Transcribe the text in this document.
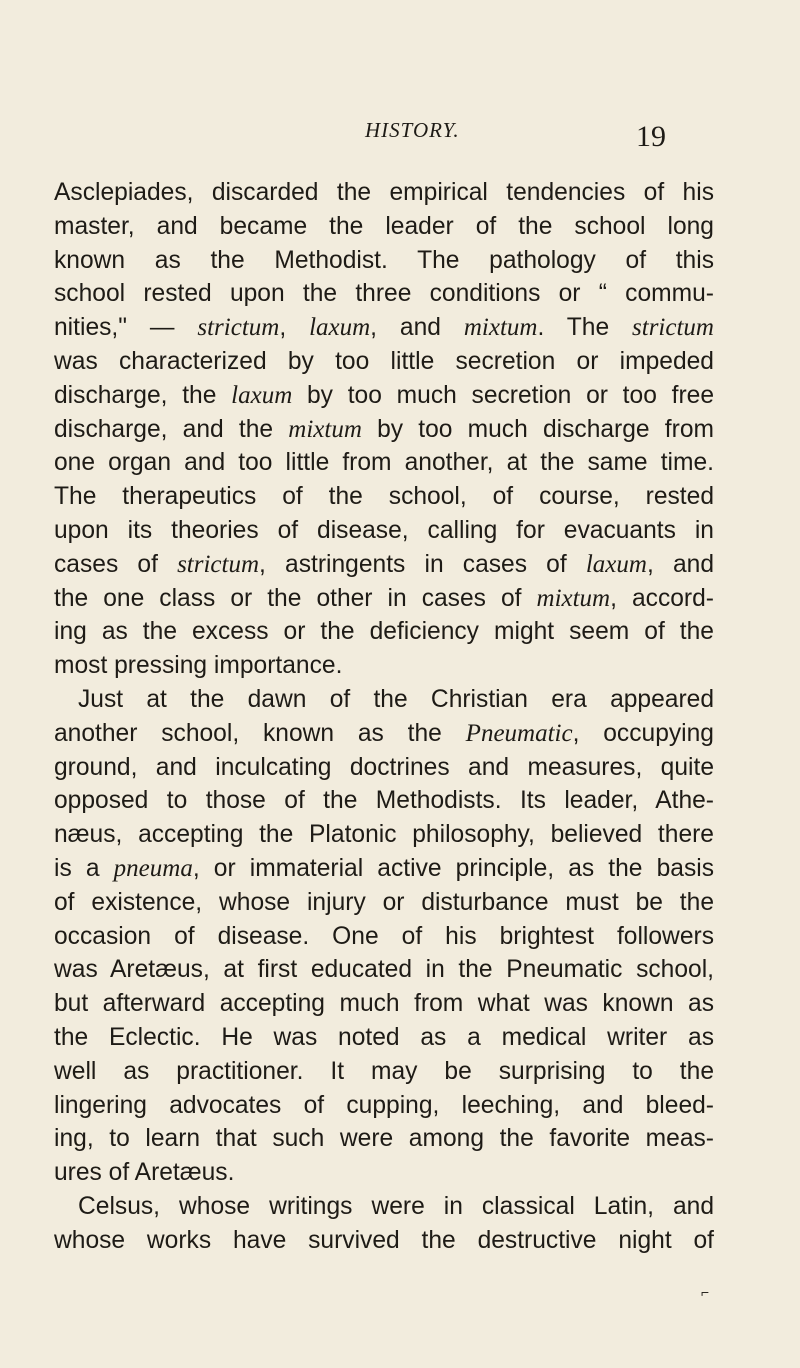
HISTORY.	19
Asclepiades, discarded the empirical tendencies of his
master, and became the leader of the school long
known as the Methodist. The pathology of this
school rested upon the three conditions or “ commu-
nities," — strictum, laxum, and mixtum. The strictum
was characterized by too little secretion or impeded
discharge, the laxum by too much secretion or too free
discharge, and the mixtum by too much discharge from
one organ and too little from another, at the same time.
The therapeutics of the school, of course, rested
upon its theories of disease, calling for evacuants in
cases of strictum, astringents in cases of laxum, and
the one class or the other in cases of mixtum, accord-
ing as the excess or the deficiency might seem of the
most pressing importance.
Just at the dawn of the Christian era appeared
another school, known as the Pneumatic, occupying
ground, and inculcating doctrines and measures, quite
opposed to those of the Methodists. Its leader, Athe-
næus, accepting the Platonic philosophy, believed there
is a pneuma, or immaterial active principle, as the basis
of existence, whose injury or disturbance must be the
occasion of disease. One of his brightest followers
was Aretæus, at first educated in the Pneumatic school,
but afterward accepting much from what was known as
the Eclectic. He was noted as a medical writer as
well as practitioner. It may be surprising to the
lingering advocates of cupping, leeching, and bleed-
ing, to learn that such were among the favorite meas-
ures of Aretæus.
Celsus, whose writings were in classical Latin, and
whose works have survived the destructive night of
⌐
